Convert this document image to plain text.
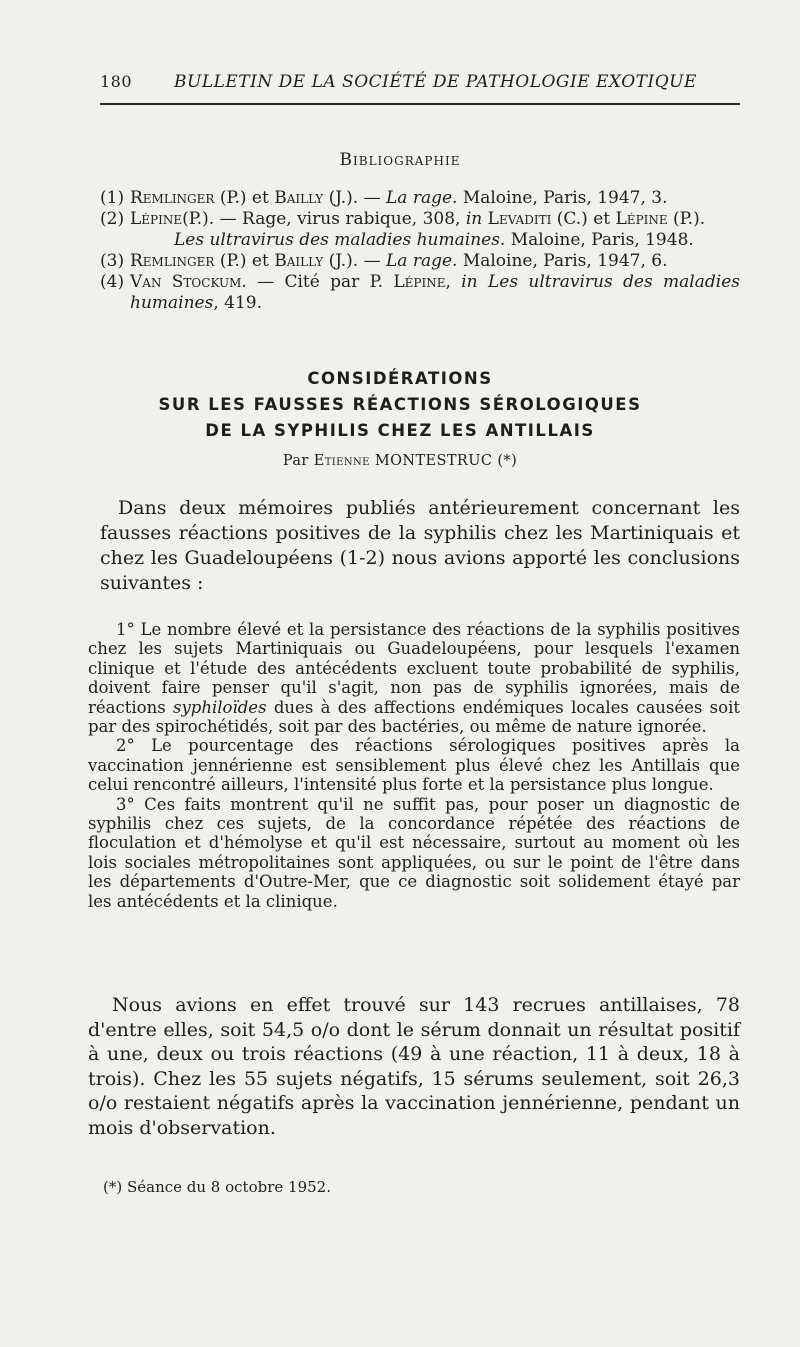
180 BULLETIN DE LA SOCIÉTÉ DE PATHOLOGIE EXOTIQUE
Bibliographie
(1) Remlinger (P.) et Bailly (J.). — La rage. Maloine, Paris, 1947, 3.
(2) Lépine(P.). — Rage, virus rabique, 308, in Levaditi (C.) et Lépine (P.).
Les ultravirus des maladies humaines. Maloine, Paris, 1948.
(3) Remlinger (P.) et Bailly (J.). — La rage. Maloine, Paris, 1947, 6.
(4) Van Stockum. — Cité par P. Lépine, in Les ultravirus des maladies humaines, 419.
CONSIDÉRATIONS
SUR LES FAUSSES RÉACTIONS SÉROLOGIQUES
DE LA SYPHILIS CHEZ LES ANTILLAIS
Par Etienne MONTESTRUC (*)

Dans deux mémoires publiés antérieurement concernant les fausses réactions positives de la syphilis chez les Martiniquais et chez les Guadeloupéens (1-2) nous avions apporté les conclusions suivantes :

1° Le nombre élevé et la persistance des réactions de la syphilis positives chez les sujets Martiniquais ou Guadeloupéens, pour lesquels l'examen clinique et l'étude des antécédents excluent toute probabilité de syphilis, doivent faire penser qu'il s'agit, non pas de syphilis ignorées, mais de réactions syphiloïdes dues à des affections endémiques locales causées soit par des spirochétidés, soit par des bactéries, ou même de nature ignorée.

2° Le pourcentage des réactions sérologiques positives après la vaccination jennérienne est sensiblement plus élevé chez les Antillais que celui rencontré ailleurs, l'intensité plus forte et la persistance plus longue.

3° Ces faits montrent qu'il ne suffit pas, pour poser un diagnostic de syphilis chez ces sujets, de la concordance répétée des réactions de floculation et d'hémolyse et qu'il est nécessaire, surtout au moment où les lois sociales métropolitaines sont appliquées, ou sur le point de l'être dans les départements d'Outre-Mer, que ce diagnostic soit solidement étayé par les antécédents et la clinique.

Nous avions en effet trouvé sur 143 recrues antillaises, 78 d'entre elles, soit 54,5 o/o dont le sérum donnait un résultat positif à une, deux ou trois réactions (49 à une réaction, 11 à deux, 18 à trois). Chez les 55 sujets négatifs, 15 sérums seulement, soit 26,3 o/o restaient négatifs après la vaccination jennérienne, pendant un mois d'observation.

(*) Séance du 8 octobre 1952.
